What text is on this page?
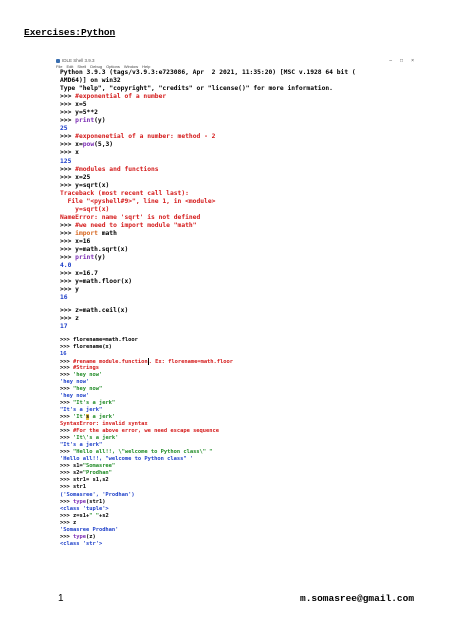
Exercises:Python
IDLE Shell 3.9.3	– □ ×
File Edit Shell Debug Options Window Help
Python 3.9.3 (tags/v3.9.3:e723086, Apr  2 2021, 11:35:20) [MSC v.1928 64 bit (
AMD64)] on win32
Type "help", "copyright", "credits" or "license()" for more information.
>>> #exponential of a number
>>> x=5
>>> y=5**2
>>> print(y)
25
>>> #exponenetial of a number: method - 2
>>> x=pow(5,3)
>>> x
125
>>> #modules and functions
>>> x=25
>>> y=sqrt(x)
Traceback (most recent call last):
File "<pyshell#9>", line 1, in <module>
y=sqrt(x)
NameError: name 'sqrt' is not defined
>>> #we need to import module "math"
>>> import math
>>> x=16
>>> y=math.sqrt(x)
>>> print(y)
4.0
>>> x=16.7
>>> y=math.floor(x)
>>> y
16
>>> z=math.ceil(x)
>>> z
17
>>> florename=math.floor
>>> florename(x)
16
>>> #rename module.function. Ex: florename=math.floor
>>> #Strings
>>> 'hey now'
'hey now'
>>> "hey now"
'hey now'
>>> "It's a jerk"
"It's a jerk"
>>> 'It's a jerk'
SyntaxError: invalid syntax
>>> #For the above error, we need escape sequence
>>> 'It\'s a jerk'
"It's a jerk"
>>> "Hello all!!, \"welcome to Python class\" "
'Hello all!!, "welcome to Python class" '
>>> s1="Somasree"
>>> s2="Prodhan"
>>> str1= s1,s2
>>> str1
('Somasree', 'Prodhan')
>>> type(str1)
<class 'tuple'>
>>> z=s1+" "+s2
>>> z
'Somasree Prodhan'
>>> type(z)
<class 'str'>
1	m.somasree@gmail.com
